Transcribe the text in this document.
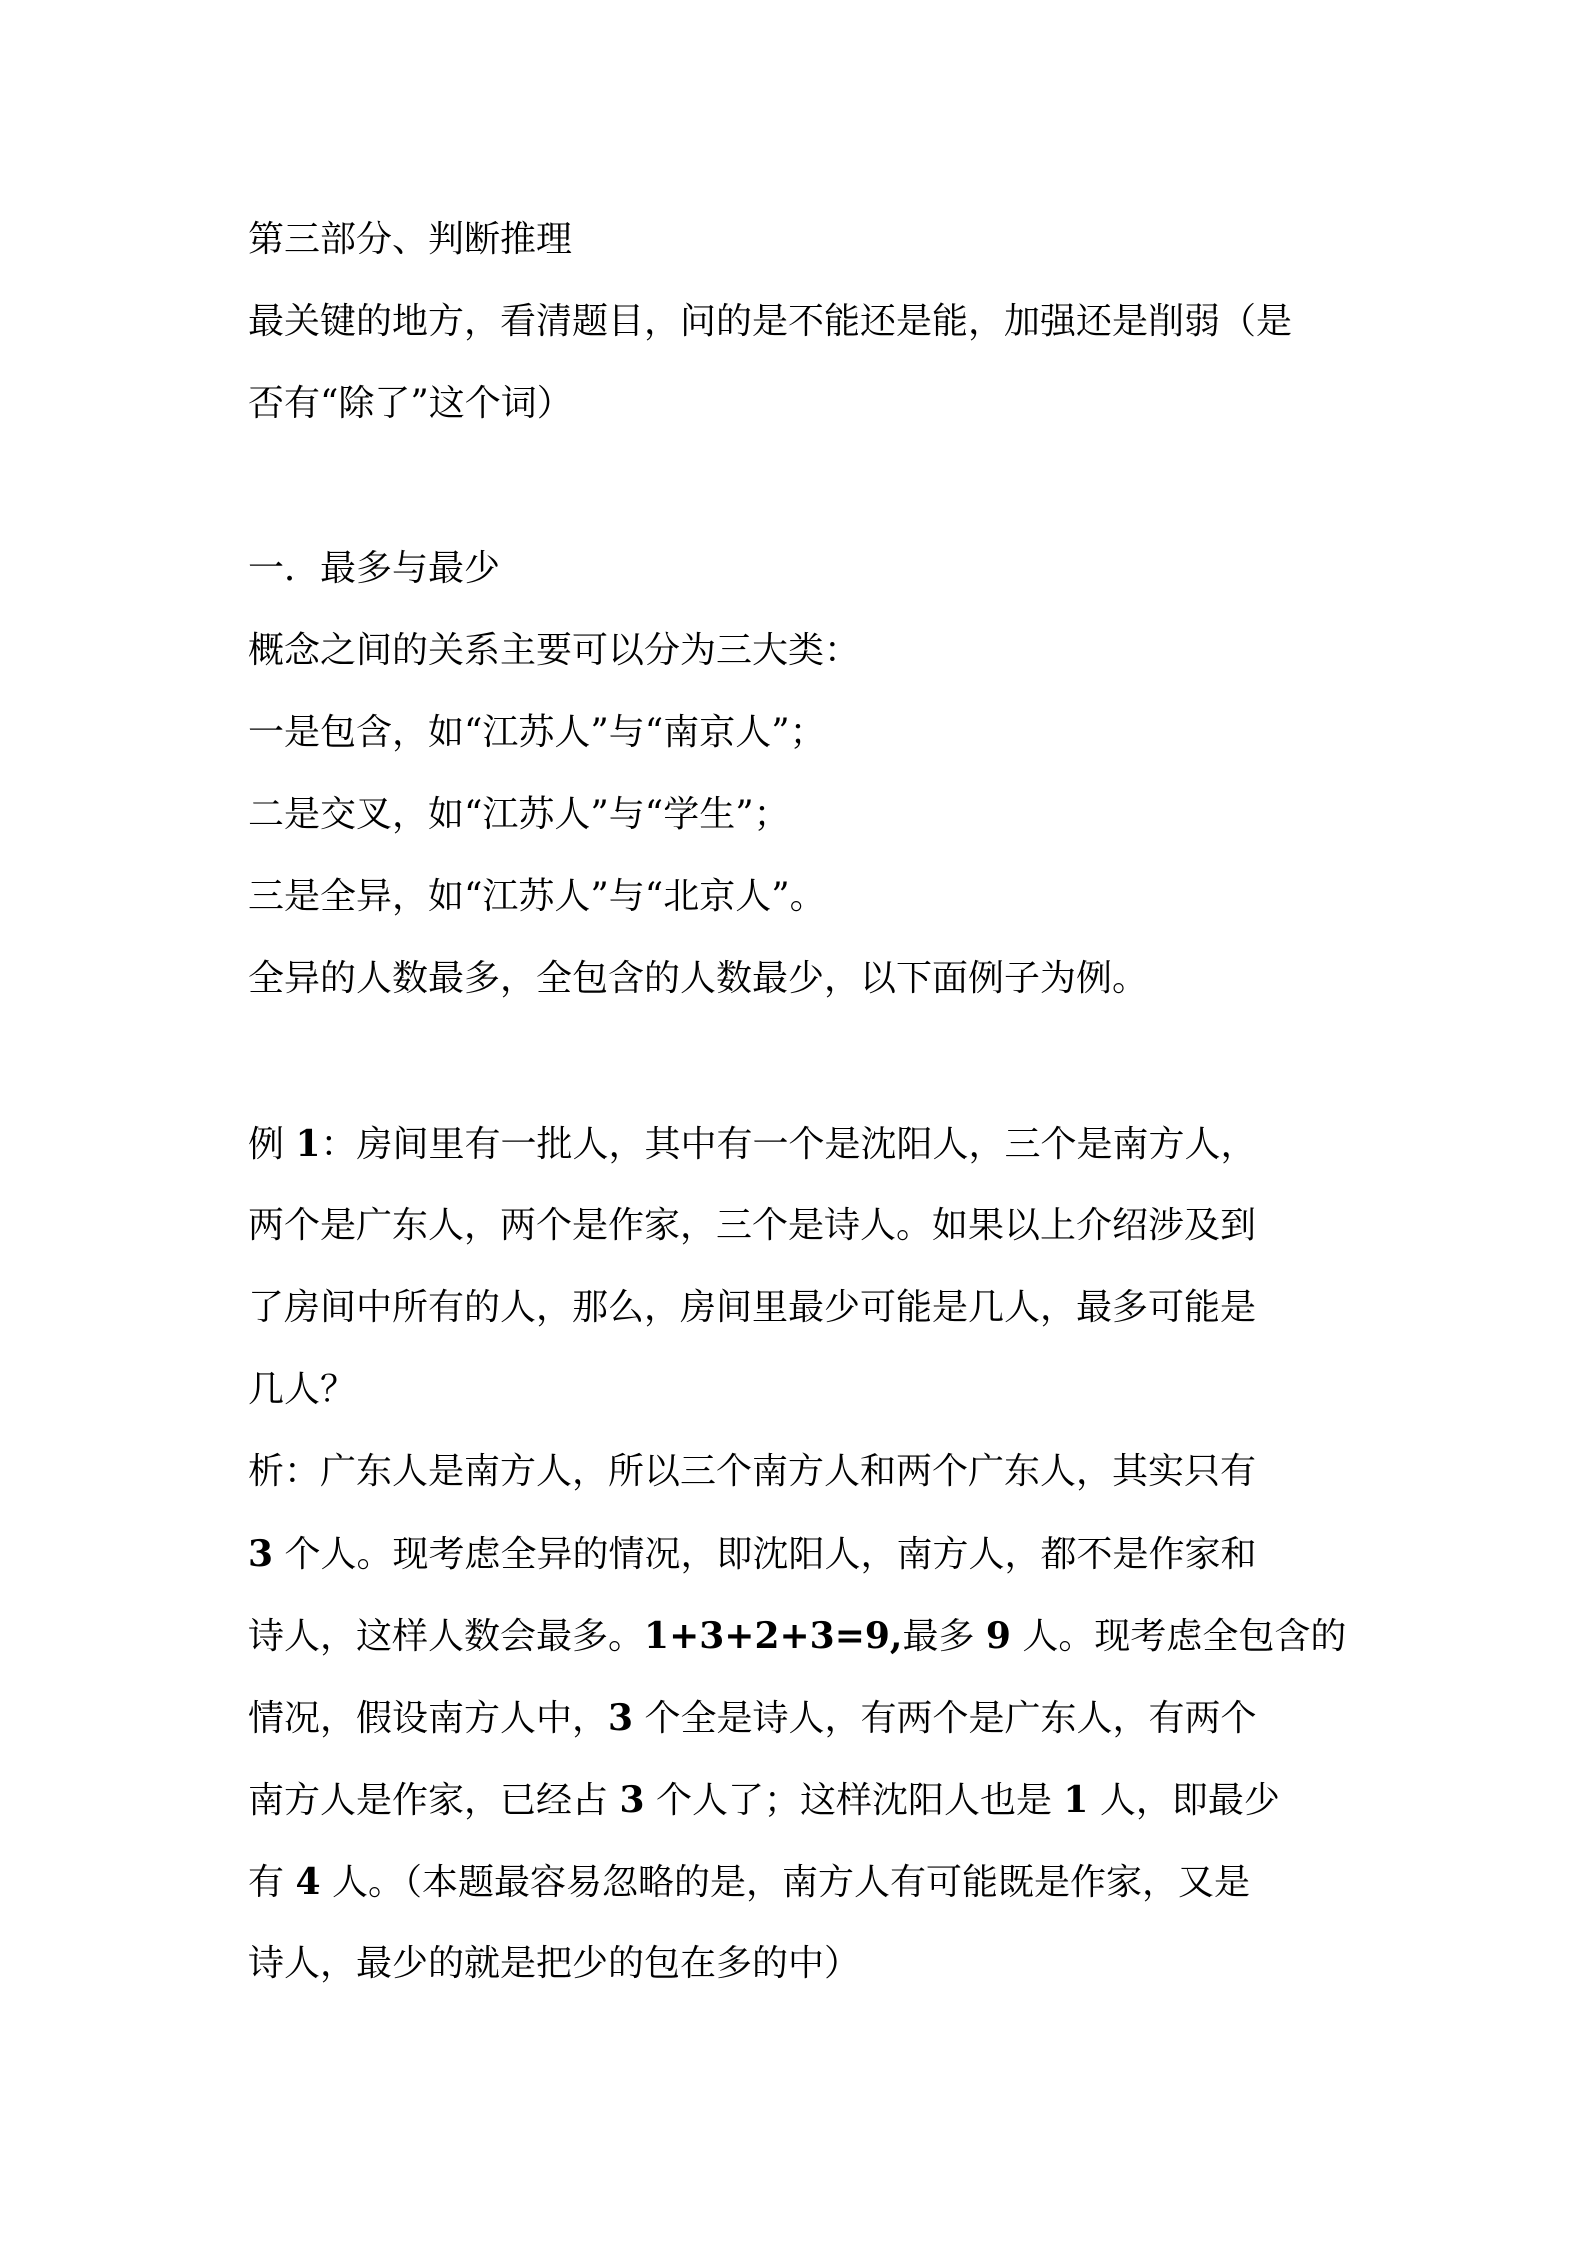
第三部分、判断推理

最关键的地方，看清题目，问的是不能还是能，加强还是削弱（是

否有“除了”这个词）

一．最多与最少

概念之间的关系主要可以分为三大类：

一是包含，如“江苏人”与“南京人”；

二是交叉，如“江苏人”与“学生”；

三是全异，如“江苏人”与“北京人”。

全异的人数最多，全包含的人数最少，以下面例子为例。

例 1：房间里有一批人，其中有一个是沈阳人，三个是南方人，

两个是广东人，两个是作家，三个是诗人。如果以上介绍涉及到

了房间中所有的人，那么，房间里最少可能是几人，最多可能是

几人？

析：广东人是南方人，所以三个南方人和两个广东人，其实只有

3 个人。现考虑全异的情况，即沈阳人，南方人，都不是作家和

诗人，这样人数会最多。1+3+2+3=9,最多 9 人。现考虑全包含的

情况，假设南方人中，3 个全是诗人，有两个是广东人，有两个

南方人是作家，已经占 3 个人了；这样沈阳人也是 1 人，即最少

有 4 人。（本题最容易忽略的是，南方人有可能既是作家，又是

诗人，最少的就是把少的包在多的中）
